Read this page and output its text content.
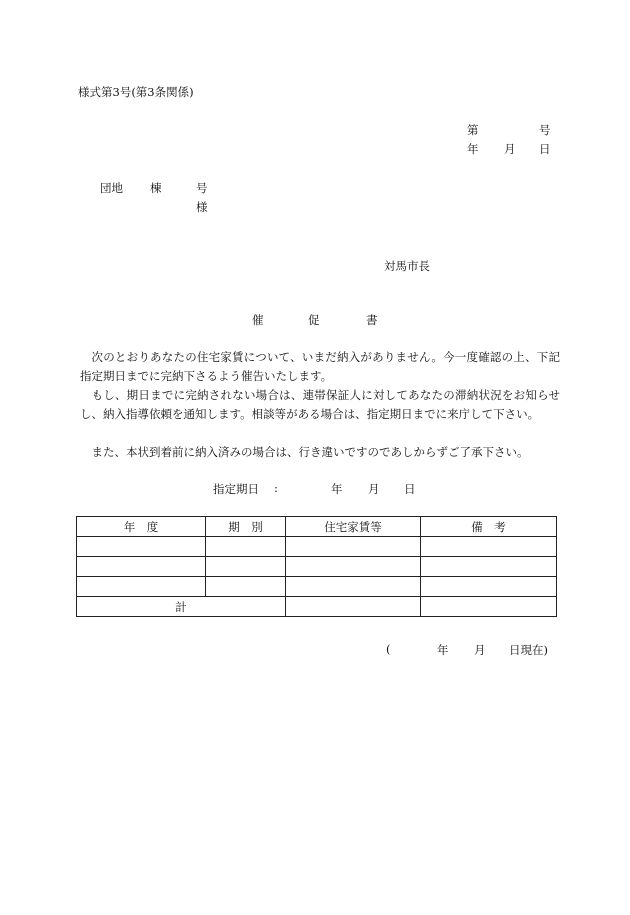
様式第3号(第3条関係)
第	号
年 月 日
団地 棟	号
様
対馬市長
催	促	書
次のとおりあなたの住宅家賃について、いまだ納入がありません。今一度確認の上、下記指定期日までに完納下さるよう催告いたします。
もし、期日までに完納されない場合は、連帯保証人に対してあなたの滞納状況をお知らせし、納入指導依頼を通知します。相談等がある場合は、指定期日までに来庁して下さい。
また、本状到着前に納入済みの場合は、行き違いですのであしからずご了承下さい。
指定期日 :	年 月 日
年　度	期　別	住宅家賃等	備　考

計			
(	年 月 日現在)
